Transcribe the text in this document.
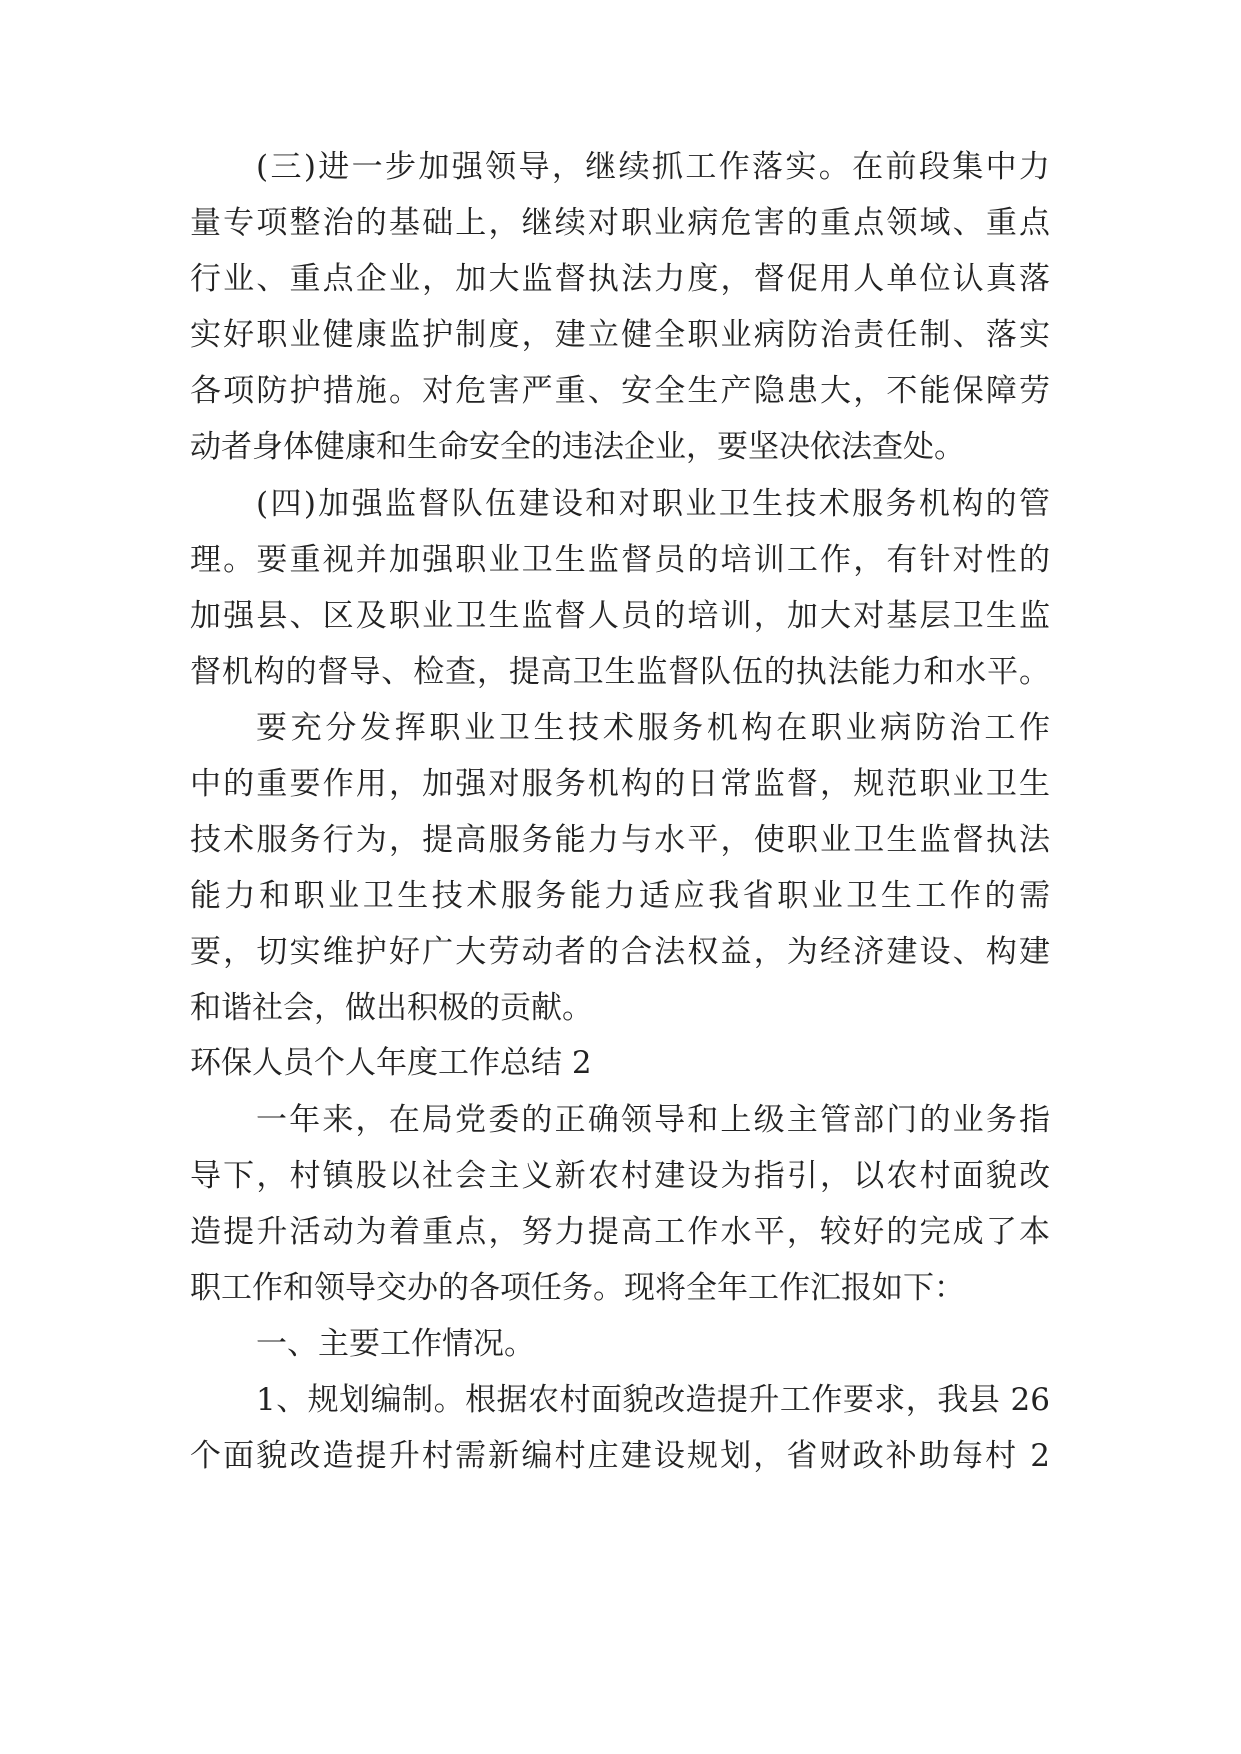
(三)进一步加强领导，继续抓工作落实。在前段集中力
量专项整治的基础上，继续对职业病危害的重点领域、重点
行业、重点企业，加大监督执法力度，督促用人单位认真落
实好职业健康监护制度，建立健全职业病防治责任制、落实
各项防护措施。对危害严重、安全生产隐患大，不能保障劳
动者身体健康和生命安全的违法企业，要坚决依法查处。
(四)加强监督队伍建设和对职业卫生技术服务机构的管
理。要重视并加强职业卫生监督员的培训工作，有针对性的
加强县、区及职业卫生监督人员的培训，加大对基层卫生监
督机构的督导、检查，提高卫生监督队伍的执法能力和水平。
要充分发挥职业卫生技术服务机构在职业病防治工作
中的重要作用，加强对服务机构的日常监督，规范职业卫生
技术服务行为，提高服务能力与水平，使职业卫生监督执法
能力和职业卫生技术服务能力适应我省职业卫生工作的需
要，切实维护好广大劳动者的合法权益，为经济建设、构建
和谐社会，做出积极的贡献。
环保人员个人年度工作总结 2
一年来，在局党委的正确领导和上级主管部门的业务指
导下，村镇股以社会主义新农村建设为指引，以农村面貌改
造提升活动为着重点，努力提高工作水平，较好的完成了本
职工作和领导交办的各项任务。现将全年工作汇报如下：
一、主要工作情况。
1、规划编制。根据农村面貌改造提升工作要求，我县 26
个面貌改造提升村需新编村庄建设规划，省财政补助每村 2
